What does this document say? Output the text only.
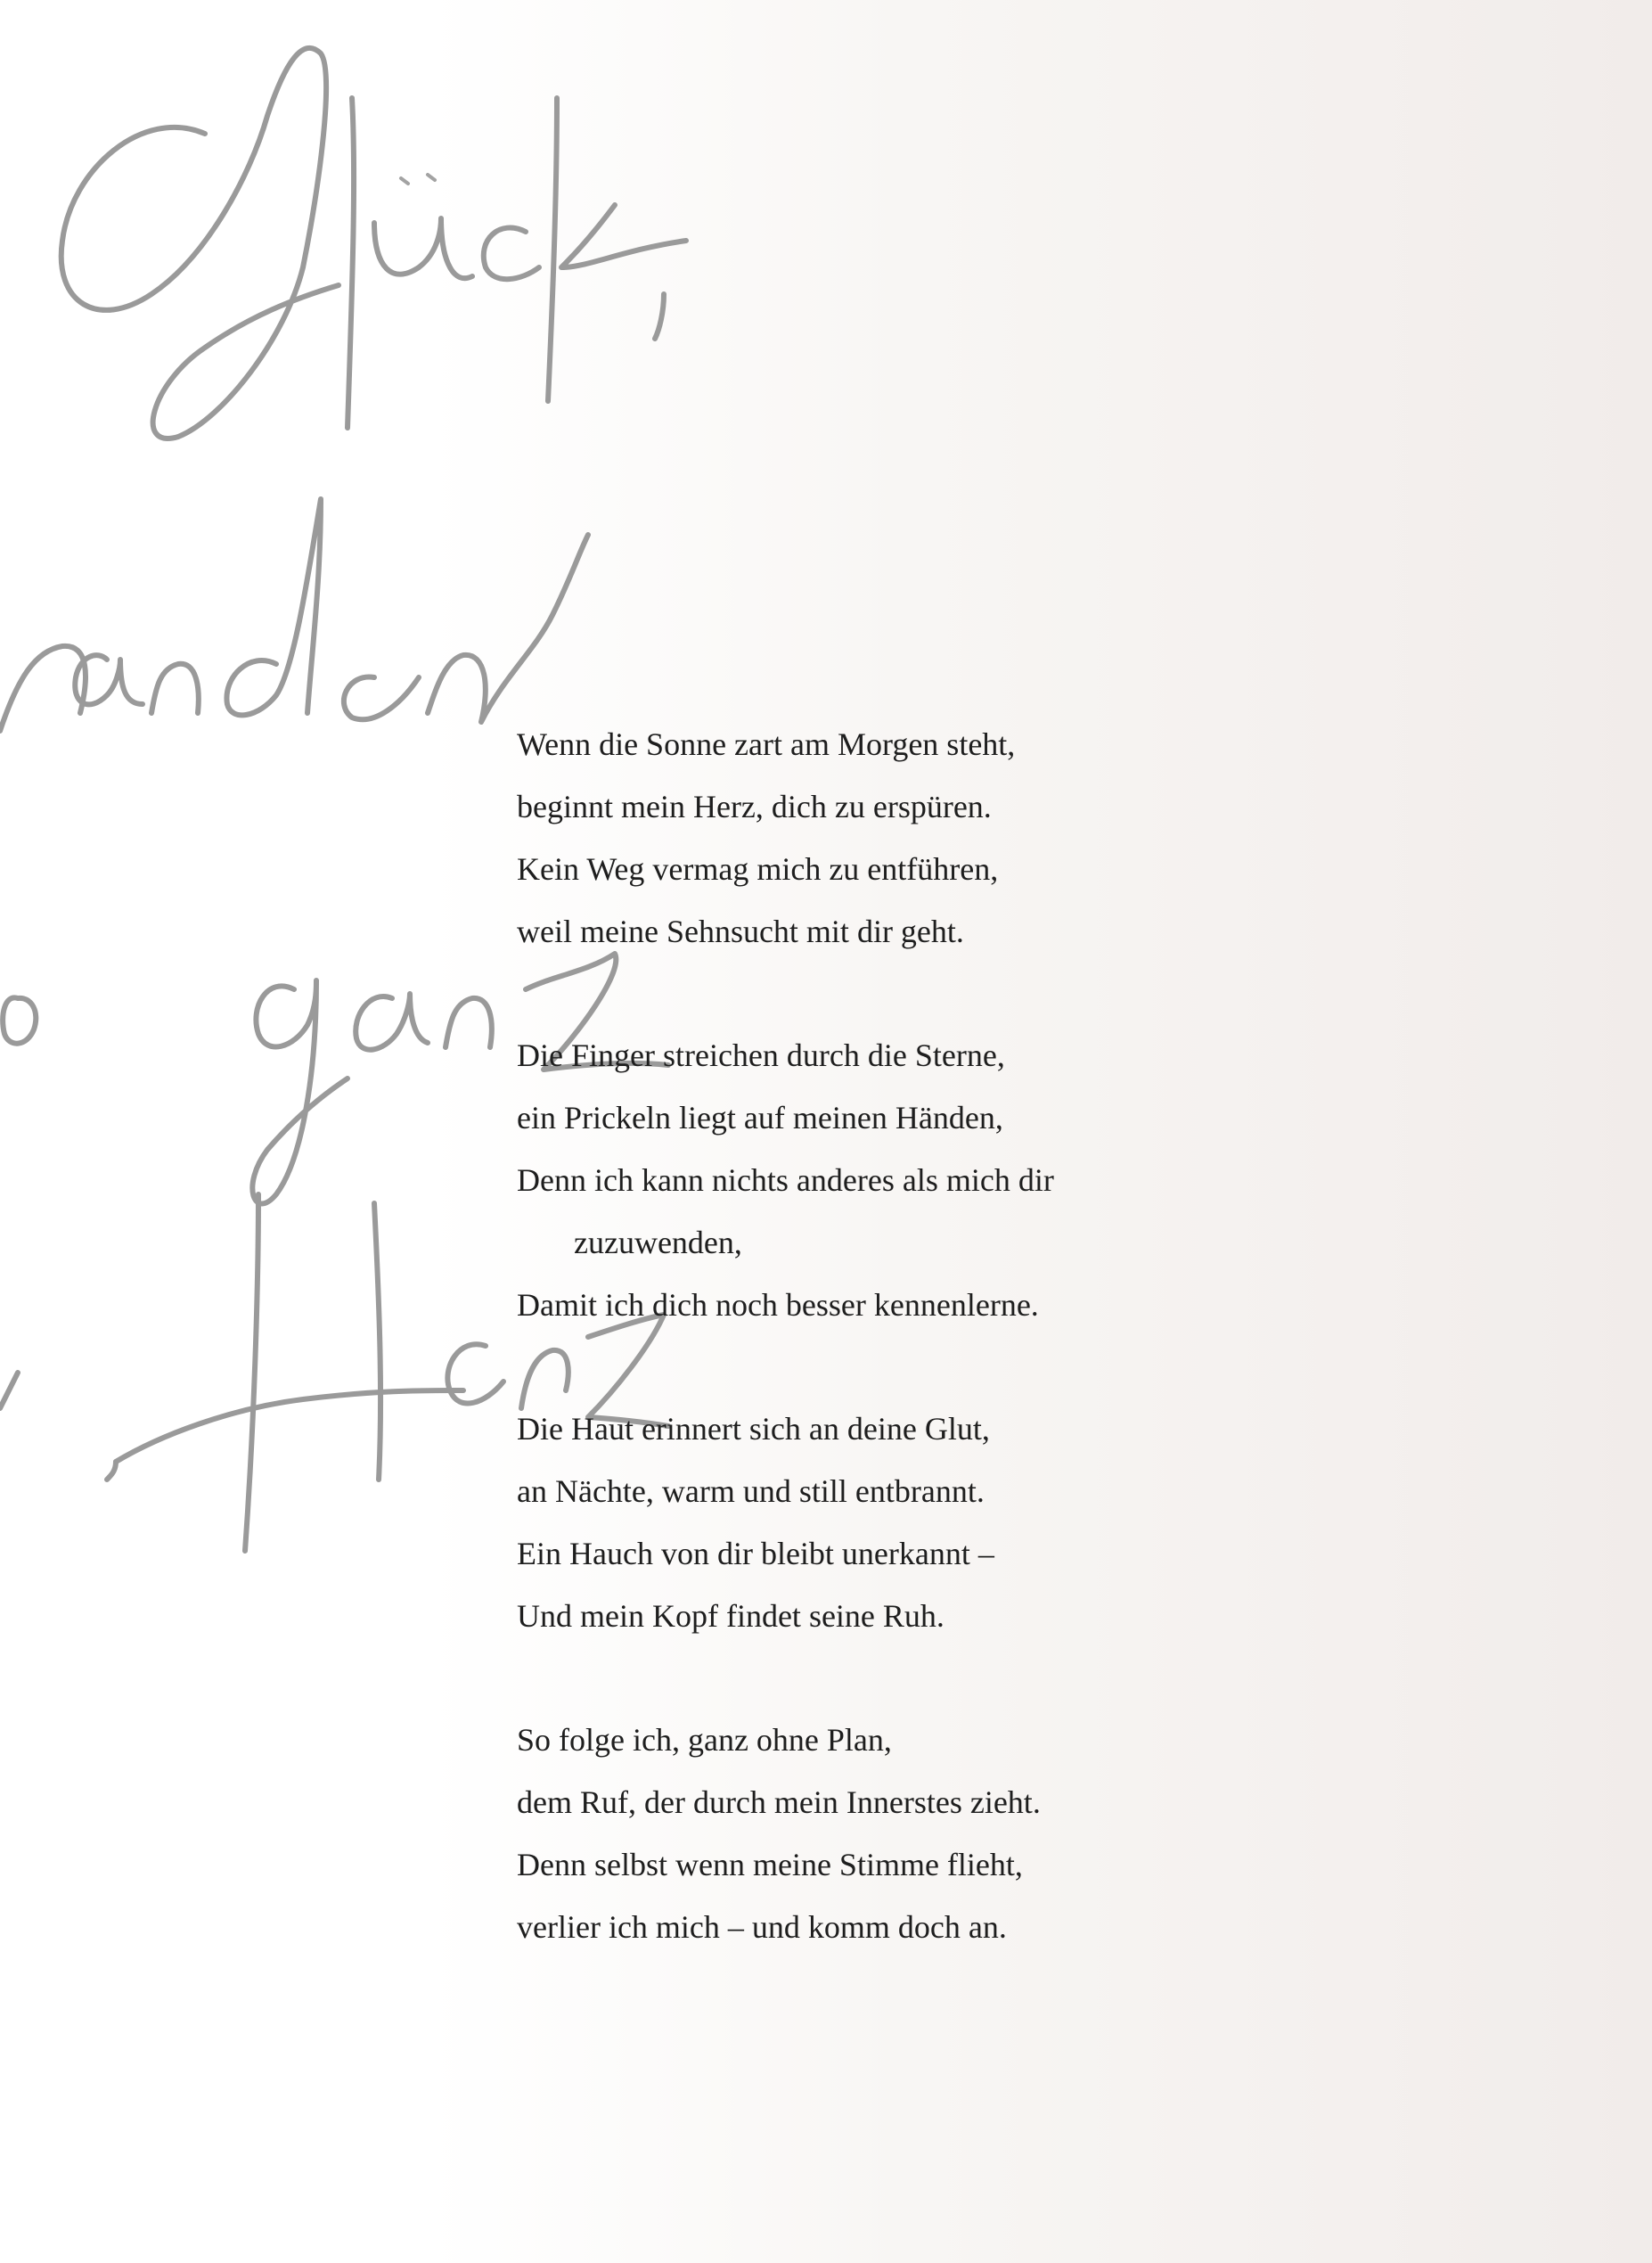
Wenn die Sonne zart am Morgen steht,
beginnt mein Herz, dich zu erspüren.
Kein Weg vermag mich zu entführen,
weil meine Sehnsucht mit dir geht.
Die Finger streichen durch die Sterne,
ein Prickeln liegt auf meinen Händen,
Denn ich kann nichts anderes als mich dir
zuzuwenden,
Damit ich dich noch besser kennenlerne.
Die Haut erinnert sich an deine Glut,
an Nächte, warm und still entbrannt.
Ein Hauch von dir bleibt unerkannt –
Und mein Kopf findet seine Ruh.
So folge ich, ganz ohne Plan,
dem Ruf, der durch mein Innerstes zieht.
Denn selbst wenn meine Stimme flieht,
verlier ich mich – und komm doch an.
